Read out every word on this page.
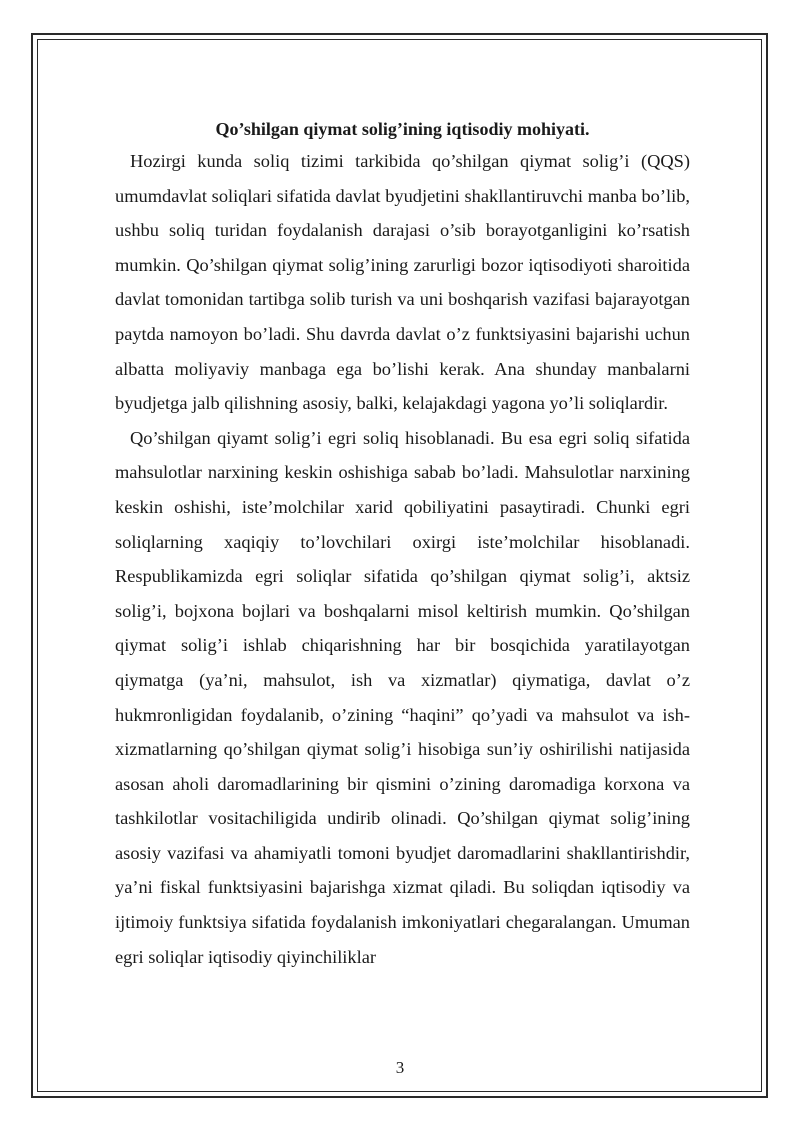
Qo’shilgan qiymat solig’ining iqtisodiy mohiyati.

Hozirgi kunda soliq tizimi tarkibida qo’shilgan qiymat solig’i (QQS) umumdavlat soliqlari sifatida davlat byudjetini shakllantiruvchi manba bo’lib, ushbu soliq turidan foydalanish darajasi o’sib borayotganligini ko’rsatish mumkin. Qo’shilgan qiymat solig’ining zarurligi bozor iqtisodiyoti sharoitida davlat tomonidan tartibga solib turish va uni boshqarish vazifasi bajarayotgan paytda namoyon bo’ladi. Shu davrda davlat o’z funktsiyasini bajarishi uchun albatta moliyaviy manbaga ega bo’lishi kerak. Ana shunday manbalarni byudjetga jalb qilishning asosiy, balki, kelajakdagi yagona yo’li soliqlardir.

Qo’shilgan qiyamt solig’i egri soliq hisoblanadi. Bu esa egri soliq sifatida mahsulotlar narxining keskin oshishiga sabab bo’ladi. Mahsulotlar narxining keskin oshishi, iste’molchilar xarid qobiliyatini pasaytiradi. Chunki egri soliqlarning xaqiqiy to’lovchilari oxirgi iste’molchilar hisoblanadi. Respublikamizda egri soliqlar sifatida qo’shilgan qiymat solig’i, aktsiz solig’i, bojxona bojlari va boshqalarni misol keltirish mumkin. Qo’shilgan qiymat solig’i ishlab chiqarishning har bir bosqichida yaratilayotgan qiymatga (ya’ni, mahsulot, ish va xizmatlar) qiymatiga, davlat o’z hukmronligidan foydalanib, o’zining “haqini” qo’yadi va mahsulot va ish-xizmatlarning qo’shilgan qiymat solig’i hisobiga sun’iy oshirilishi natijasida asosan aholi daromadlarining bir qismini o’zining daromadiga korxona va tashkilotlar vositachiligida undirib olinadi. Qo’shilgan qiymat solig’ining asosiy vazifasi va ahamiyatli tomoni byudjet daromadlarini shakllantirishdir, ya’ni fiskal funktsiyasini bajarishga xizmat qiladi. Bu soliqdan iqtisodiy va ijtimoiy funktsiya sifatida foydalanish imkoniyatlari chegaralangan. Umuman egri soliqlar iqtisodiy qiyinchiliklar

3
